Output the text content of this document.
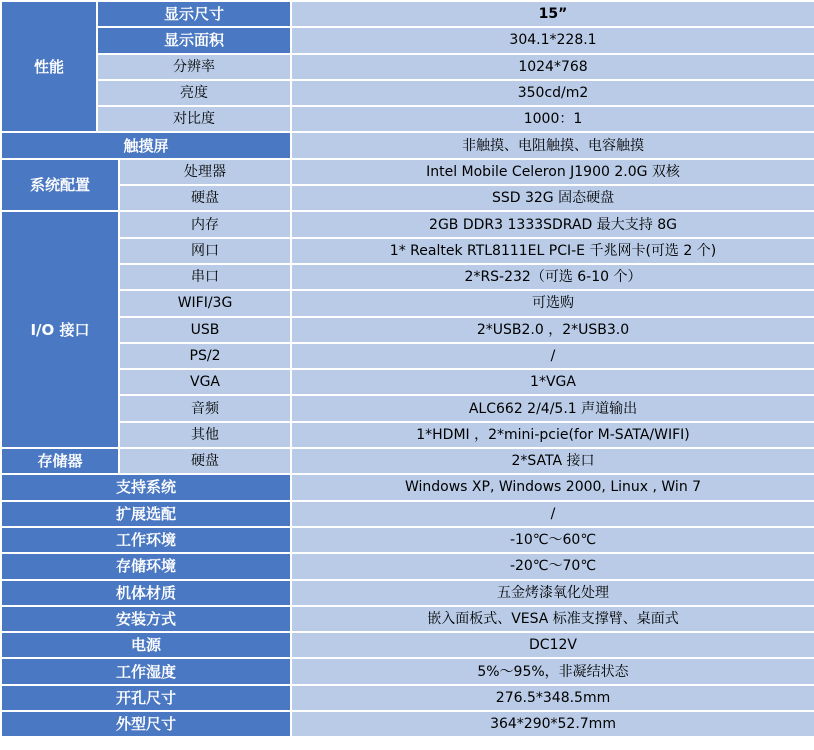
性能	显示尺寸		15”
	显示面积		304.1*228.1
	分辨率		1024*768
	亮度		350cd/m2
	对比度		1000：1
触摸屏			非触摸、电阻触摸、电容触摸
系统配置		处理器	Intel Mobile Celeron J1900 2.0G 双核
		硬盘	SSD 32G 固态硬盘
I/O 接口		内存	2GB DDR3 1333SDRAD 最大支持 8G
		网口	1* Realtek RTL8111EL PCI-E 千兆网卡(可选 2 个)
		串口	2*RS-232（可选 6-10 个）
		WIFI/3G	可选购
		USB	2*USB2.0 ，2*USB3.0
		PS/2	/
		VGA	1*VGA
		音频	ALC662 2/4/5.1 声道输出
		其他	1*HDMI ，2*mini-pcie(for M-SATA/WIFI)
存储器		硬盘	2*SATA 接口
支持系统			Windows XP, Windows 2000, Linux , Win 7
扩展选配			/
工作环境			-10℃～60℃
存储环境			-20℃～70℃
机体材质			五金烤漆氧化处理
安装方式			嵌入面板式、VESA 标准支撑臂、桌面式
电源			DC12V
工作湿度			5%～95%，非凝结状态
开孔尺寸			276.5*348.5mm
外型尺寸			364*290*52.7mm
